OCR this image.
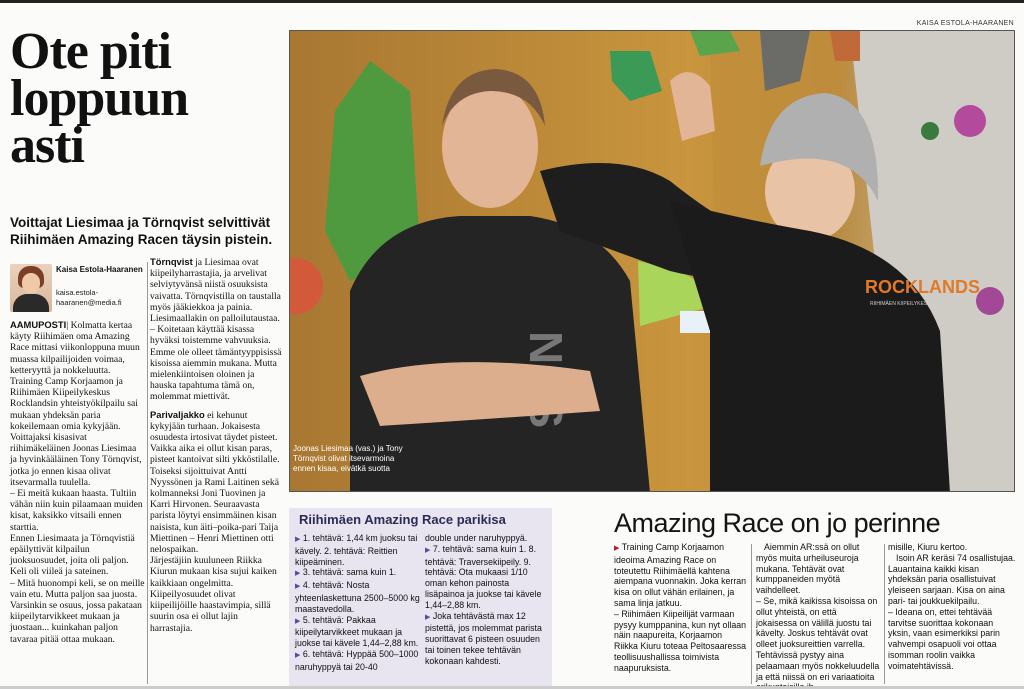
KAISA ESTOLA-HAARANEN
Ote piti
loppuun
asti
Voittajat Liesimaa ja Törnqvist selvittivät Riihimäen Amazing Racen täysin pistein.
Kaisa Estola-Haaranen
kaisa.estola-haaranen@media.fi

AAMUPOSTI| Kolmatta kertaa käyty Riihimäen oma Amazing Race mittasi viikonloppuna muun muassa kilpailijoiden voimaa, ketteryyttä ja nokkeluutta. Training Camp Korjaamon ja Riihimäen Kiipeilykeskus Rocklandsin yhteistyökilpailu sai mukaan yhdeksän paria kokeilemaan omia kykyjään.

Voittajaksi kisasivat riihimäkeläinen Joonas Liesimaa ja hyvinkääläinen Tony Törnqvist, jotka jo ennen kisaa olivat itsevarmalla tuulella.

– Ei meitä kukaan haasta. Tultiin vähän niin kuin pilaamaan muiden kisat, kaksikko vitsaili ennen starttia.

Ennen Liesimaata ja Törnqvistiä epäilyttivät kilpailun juoksuosuudet, joita oli paljon. Keli oli viileä ja sateinen.

– Mitä huonompi keli, se on meille vain etu. Mutta paljon saa juosta. Varsinkin se osuus, jossa pakataan kiipeilytarvikkeet mukaan ja juostaan... kuinkahan paljon tavaraa pitää ottaa mukaan.

Törnqvist ja Liesimaa ovat kiipeilyharrastajia, ja arvelivat selviytyvänsä niistä osuuksista vaivatta. Törnqvistilla on taustalla myös jääkiekkoa ja painia. Liesimaallakin on palloilutaustaa.

– Koitetaan käyttää kisassa hyväksi toistemme vahvuuksia. Emme ole olleet tämäntyyppisissä kisoissa aiemmin mukana. Mutta mielenkiintoisen oloinen ja hauska tapahtuma tämä on, molemmat miettivät.

Parivaljakko ei kehunut kykyjään turhaan. Jokaisesta osuudesta irtosivat täydet pisteet. Vaikka aika ei ollut kisan paras, pisteet kantoivat silti ykköstilalle.

Toiseksi sijoittuivat Antti Nyyssönen ja Rami Laitinen sekä kolmanneksi Joni Tuovinen ja Karri Hirvonen. Seuraavasta parista löytyi ensimmäinen kisan naisista, kun äiti–poika-pari Taija Miettinen – Henri Miettinen otti nelospaikan.

Järjestäjiin kuuluneen Riikka Kiurun mukaan kisa sujui kaiken kaikkiaan ongelmitta. Kiipeilyosuudet olivat kiipeilijöille haastavimpia, sillä suurin osa ei ollut lajin harrastajia.

ROCKLANDS
RIIHIMÄEN KIIPEILYKESKUS
Joonas Liesimaa (vas.) ja Tony Törnqvist olivat itsevarmoina ennen kisaa, eivätkä suotta
Riihimäen Amazing Race parikisa

▶ 1. tehtävä: 1,44 km juoksu tai kävely. 2. tehtävä: Reittien kiipeäminen.

▶ 3. tehtävä: sama kuin 1.

▶ 4. tehtävä: Nosta yhteenlaskettuna 2500–5000 kg maastavedolla.

▶ 5. tehtävä: Pakkaa kiipeilytarvikkeet mukaan ja juokse tai kävele 1,44–2,88 km.

▶ 6. tehtävä: Hyppää 500–1000 naruhyppyä tai 20-40

double under naruhyppyä.

▶ 7. tehtävä: sama kuin 1. 8. tehtävä: Traversekiipeily. 9. tehtävä: Ota mukaasi 1/10 oman kehon painosta lisäpainoa ja juokse tai kävele 1,44–2,88 km.

▶ Joka tehtävästä max 12 pistettä, jos molemmat parista suorittavat 6 pisteen osuuden tai toinen tekee tehtävän kokonaan kahdesti.

Amazing Race on jo perinne

▶ Training Camp Korjaamon ideoima Amazing Race on toteutettu Riihimäellä kahtena aiempana vuonnakin. Joka kerran kisa on ollut vähän erilainen, ja sama linja jatkuu.

– Riihimäen Kiipeilijät varmaan pysyy kumppanina, kun nyt ollaan näin naapureita, Korjaamon Riikka Kiuru toteaa Peltosaaressa teollisuushallissa toimivista naapuruksista.

Aiemmin AR:ssä on ollut myös muita urheiluseuroja mukana. Tehtävät ovat kumppaneiden myötä vaihdelleet.

– Se, mikä kaikissa kisoissa on ollut yhteistä, on että jokaisessa on välillä juostu tai kävelty. Joskus tehtävät ovat olleet juoksureittien varrella. Tehtävissä pystyy aina pelaamaan myös nokkeluudella ja että niissä on eri variaatioita

misille, Kiuru kertoo.

Isoin AR keräsi 74 osallistujaa. Lauantaina kaikki kisan yhdeksän paria osallistuivat yleiseen sarjaan. Kisa on aina pari- tai joukkuekilpailu.

– Ideana on, ettei tehtävää tarvitse suorittaa kokonaan yksin, vaan esimerkiksi parin vahvempi osapuoli voi ottaa isomman roolin vaikka voimatehtävissä.
